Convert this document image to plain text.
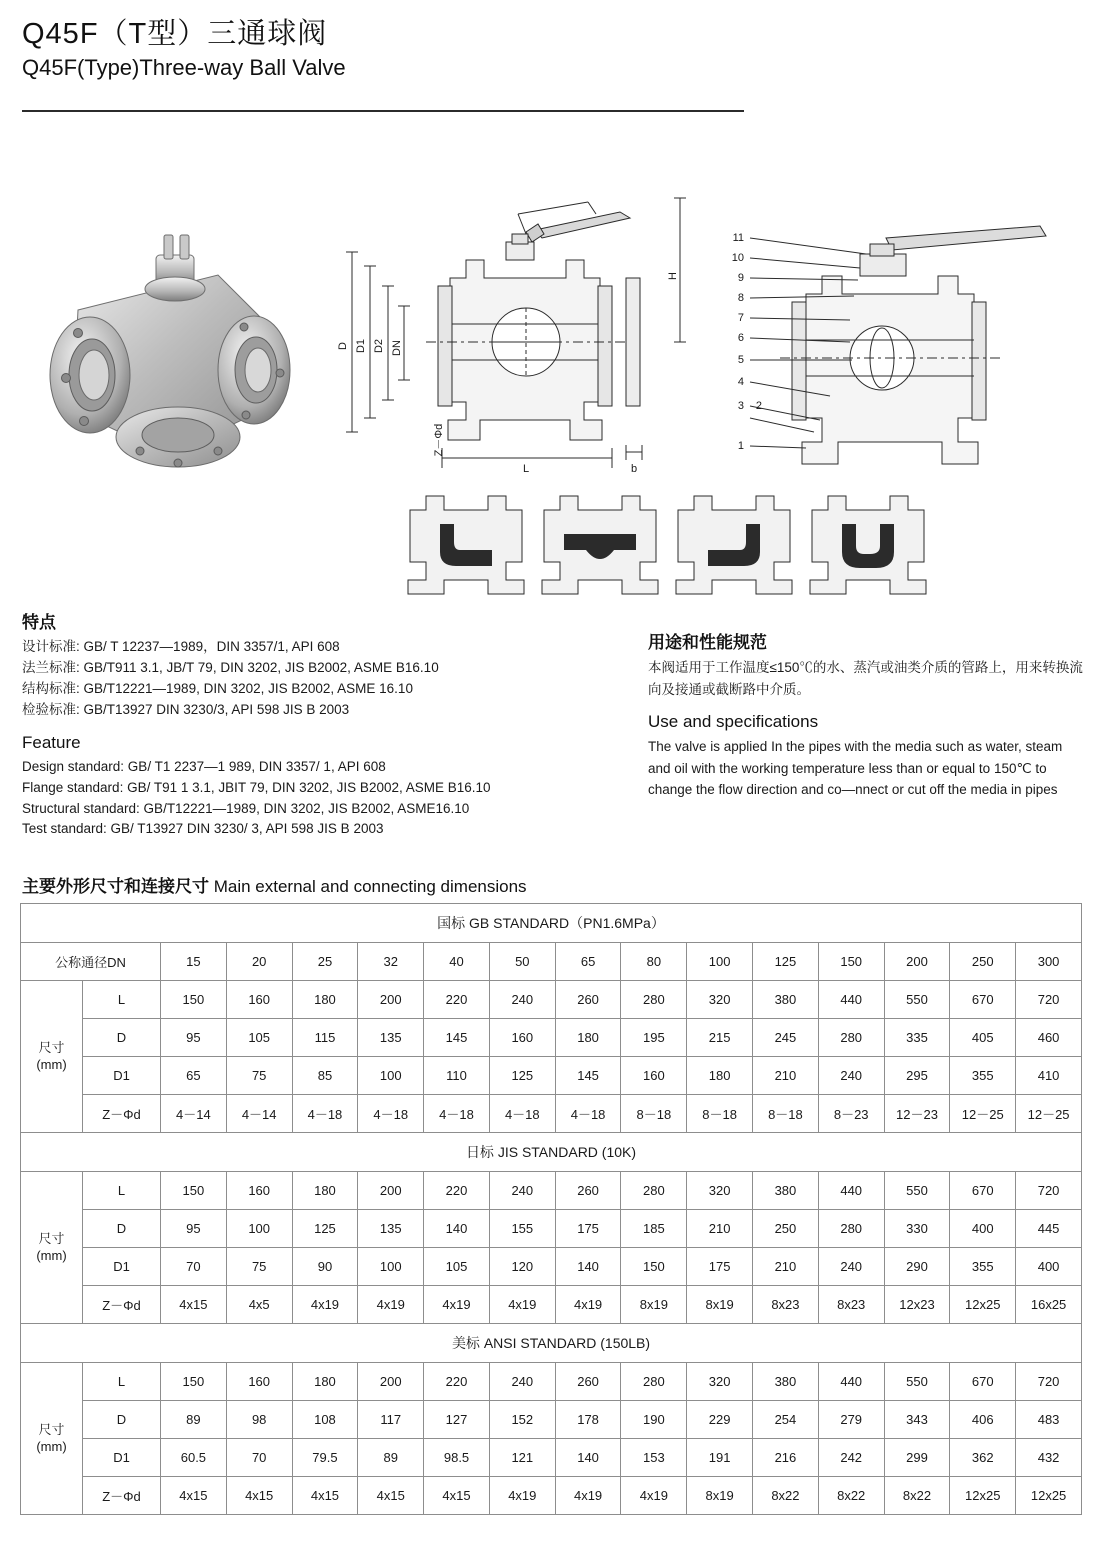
Q45F（T型）三通球阀
Q45F(Type)Three-way Ball Valve
D D1 D2 DN
L	b
H
Z－Φd
11
10
9
8
7
6
5
4
3 2
1
特点
设计标准: GB/ T 12237—1989，DIN 3357/1, API 608
法兰标准: GB/T911 3.1, JB/T 79, DIN 3202, JIS B2002, ASME B16.10
结构标准: GB/T12221—1989, DIN 3202, JIS B2002, ASME 16.10
检验标准: GB/T13927 DIN 3230/3, API 598 JIS B 2003
Feature
Design standard: GB/ T1 2237—1 989, DIN 3357/ 1, API 608
Flange standard: GB/ T91 1 3.1, JBIT 79, DIN 3202, JIS B2002, ASME B16.10
Structural standard: GB/T12221—1989, DIN 3202, JIS B2002, ASME16.10
Test standard: GB/ T13927 DIN 3230/ 3, API 598 JIS B 2003
用途和性能规范
本阀适用于工作温度≤150℃的水、蒸汽或油类介质的管路上，用来转换流向及接通或截断路中介质。
Use and specifications
The valve is applied In the pipes with the media such as water, steam and oil with the working temperature less than or equal to 150℃ to change the flow direction and co—nnect or cut off the media in pipes
主要外形尺寸和连接尺寸 Main external and connecting dimensions
国标 GB STANDARD（PN1.6MPa）															
公称通径DN		15	20	25	32	40	50	65	80	100	125	150	200	250	300

尺寸
(mm)	L	150	160	180	200	220	240	260	280	320	380	440	550	670	720
	D	95	105	115	135	145	160	180	195	215	245	280	335	405	460
	D1	65	75	85	100	110	125	145	160	180	210	240	295	355	410
	Z－Φd	4－14	4－14	4－18	4－18	4－18	4－18	4－18	8－18	8－18	8－18	8－23	12－23	12－25	12－25
日标 JIS STANDARD (10K)															

尺寸
(mm)	L	150	160	180	200	220	240	260	280	320	380	440	550	670	720
	D	95	100	125	135	140	155	175	185	210	250	280	330	400	445
	D1	70	75	90	100	105	120	140	150	175	210	240	290	355	400
	Z－Φd	4x15	4x5	4x19	4x19	4x19	4x19	4x19	8x19	8x19	8x23	8x23	12x23	12x25	16x25
美标 ANSI STANDARD (150LB)															

尺寸
(mm)	L	150	160	180	200	220	240	260	280	320	380	440	550	670	720
	D	89	98	108	117	127	152	178	190	229	254	279	343	406	483
	D1	60.5	70	79.5	89	98.5	121	140	153	191	216	242	299	362	432
	Z－Φd	4x15	4x15	4x15	4x15	4x15	4x19	4x19	4x19	8x19	8x22	8x22	8x22	12x25	12x25
